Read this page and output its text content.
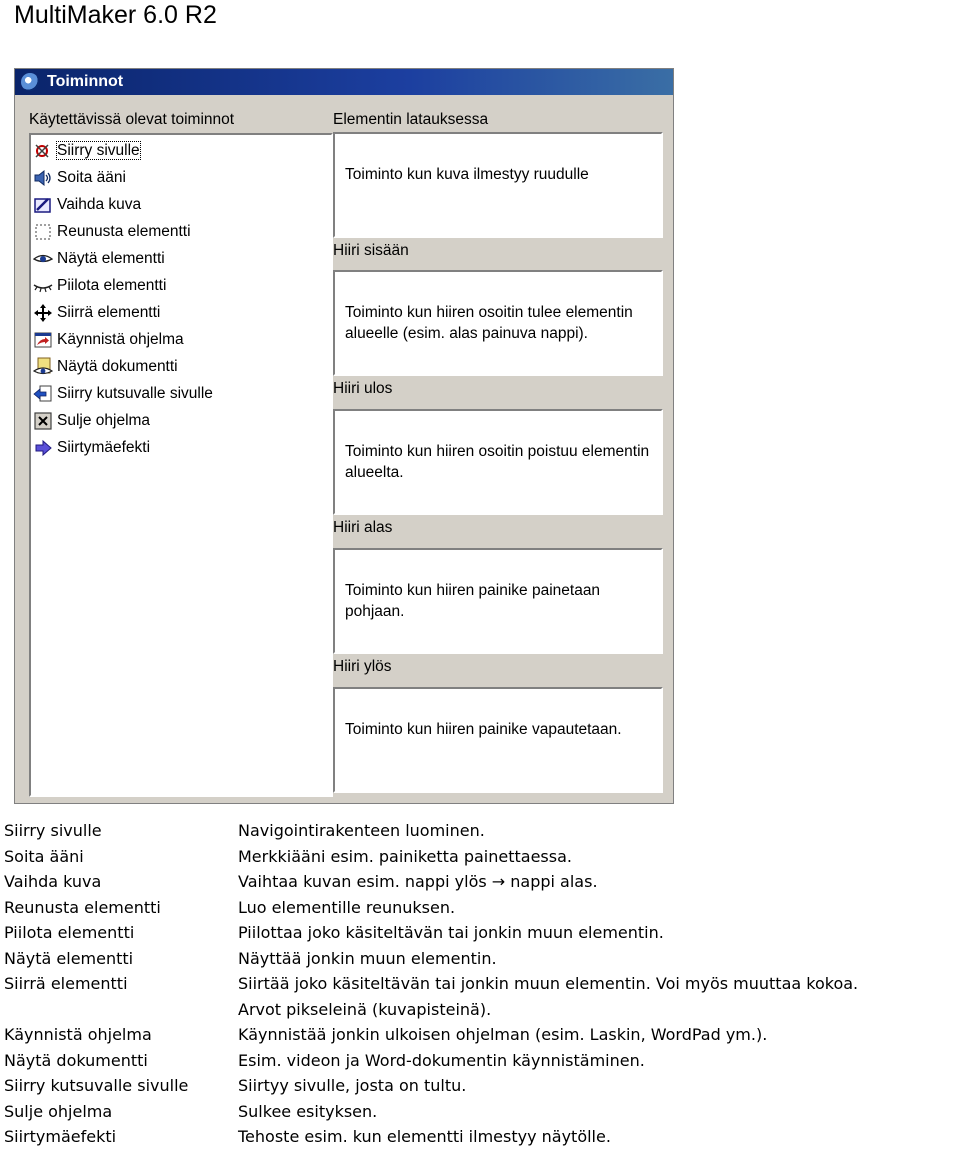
MultiMaker 6.0 R2
Toiminnot
Käytettävissä olevat toiminnot
Siirry sivulle
Soita ääni
Vaihda kuva
Reunusta elementti
Näytä elementti
Piilota elementti
Siirrä elementti
Käynnistä ohjelma
Näytä dokumentti
Siirry kutsuvalle sivulle
Sulje ohjelma
Siirtymäefekti
Elementin latauksessa
Toiminto kun kuva ilmestyy ruudulle
Hiiri sisään
Toiminto kun hiiren osoitin tulee elementin alueelle (esim. alas painuva nappi).
Hiiri ulos
Toiminto kun hiiren osoitin poistuu elementin alueelta.
Hiiri alas
Toiminto kun hiiren painike painetaan pohjaan.
Hiiri ylös
Toiminto kun hiiren painike vapautetaan.
Siirry sivulle	Navigointirakenteen luominen.
Soita ääni	Merkkiääni esim. painiketta painettaessa.
Vaihda kuva	Vaihtaa kuvan esim. nappi ylös → nappi alas.
Reunusta elementti	Luo elementille reunuksen.
Piilota elementti	Piilottaa joko käsiteltävän tai jonkin muun elementin.
Näytä elementti	Näyttää jonkin muun elementin.
Siirrä elementti	Siirtää joko käsiteltävän tai jonkin muun elementin. Voi myös muuttaa kokoa.
Arvot pikseleinä (kuvapisteinä).
Käynnistä ohjelma	Käynnistää jonkin ulkoisen ohjelman (esim. Laskin, WordPad ym.).
Näytä dokumentti	Esim. videon ja Word-dokumentin käynnistäminen.
Siirry kutsuvalle sivulle	Siirtyy sivulle, josta on tultu.
Sulje ohjelma	Sulkee esityksen.
Siirtymäefekti	Tehoste esim. kun elementti ilmestyy näytölle.
